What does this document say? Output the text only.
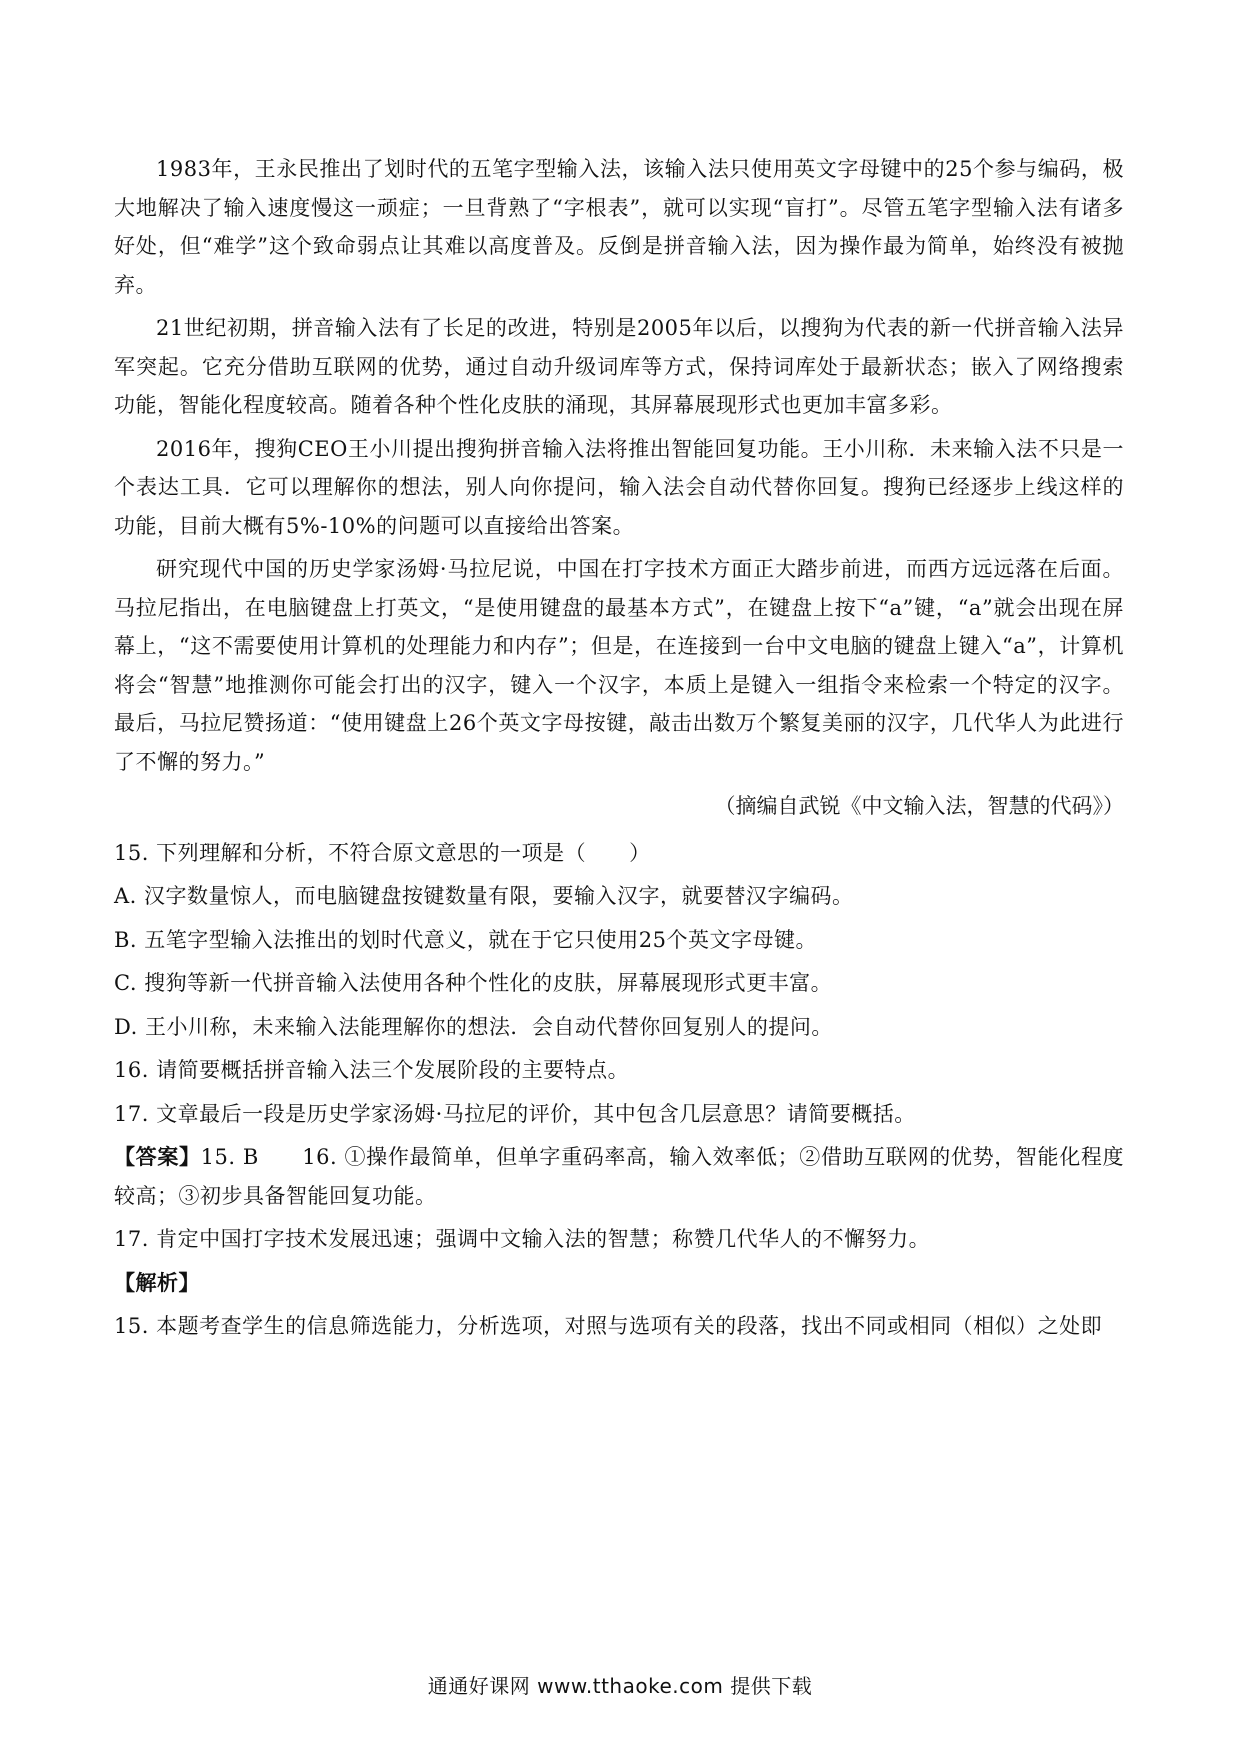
1983年，王永民推出了划时代的五笔字型输入法，该输入法只使用英文字母键中的25个参与编码，极大地解决了输入速度慢这一顽症；一旦背熟了“字根表”，就可以实现“盲打”。尽管五笔字型输入法有诸多好处，但“难学”这个致命弱点让其难以高度普及。反倒是拼音输入法，因为操作最为简单，始终没有被抛弃。

21世纪初期，拼音输入法有了长足的改进，特别是2005年以后，以搜狗为代表的新一代拼音输入法异军突起。它充分借助互联网的优势，通过自动升级词库等方式，保持词库处于最新状态；嵌入了网络搜索功能，智能化程度较高。随着各种个性化皮肤的涌现，其屏幕展现形式也更加丰富多彩。

2016年，搜狗CEO王小川提出搜狗拼音输入法将推出智能回复功能。王小川称．未来输入法不只是一个表达工具．它可以理解你的想法，别人向你提问，输入法会自动代替你回复。搜狗已经逐步上线这样的功能，目前大概有5%-10%的问题可以直接给出答案。

研究现代中国的历史学家汤姆·马拉尼说，中国在打字技术方面正大踏步前进，而西方远远落在后面。马拉尼指出，在电脑键盘上打英文，“是使用键盘的最基本方式”，在键盘上按下“a”键，“a”就会出现在屏幕上，“这不需要使用计算机的处理能力和内存”；但是，在连接到一台中文电脑的键盘上键入“a”，计算机将会“智慧”地推测你可能会打出的汉字，键入一个汉字，本质上是键入一组指令来检索一个特定的汉字。最后，马拉尼赞扬道：“使用键盘上26个英文字母按键，敲击出数万个繁复美丽的汉字，几代华人为此进行了不懈的努力。”

（摘编自武锐《中文输入法，智慧的代码》）

15. 下列理解和分析，不符合原文意思的一项是（　　）

A. 汉字数量惊人，而电脑键盘按键数量有限，要输入汉字，就要替汉字编码。

B. 五笔字型输入法推出的划时代意义，就在于它只使用25个英文字母键。

C. 搜狗等新一代拼音输入法使用各种个性化的皮肤，屏幕展现形式更丰富。

D. 王小川称，未来输入法能理解你的想法．会自动代替你回复别人的提问。

16. 请简要概括拼音输入法三个发展阶段的主要特点。

17. 文章最后一段是历史学家汤姆·马拉尼的评价，其中包含几层意思？请简要概括。

【答案】15. B　　16. ①操作最简单，但单字重码率高，输入效率低；②借助互联网的优势，智能化程度较高；③初步具备智能回复功能。

17. 肯定中国打字技术发展迅速；强调中文输入法的智慧；称赞几代华人的不懈努力。

【解析】

15. 本题考查学生的信息筛选能力，分析选项，对照与选项有关的段落，找出不同或相同（相似）之处即

通通好课网 www.tthaoke.com 提供下载
